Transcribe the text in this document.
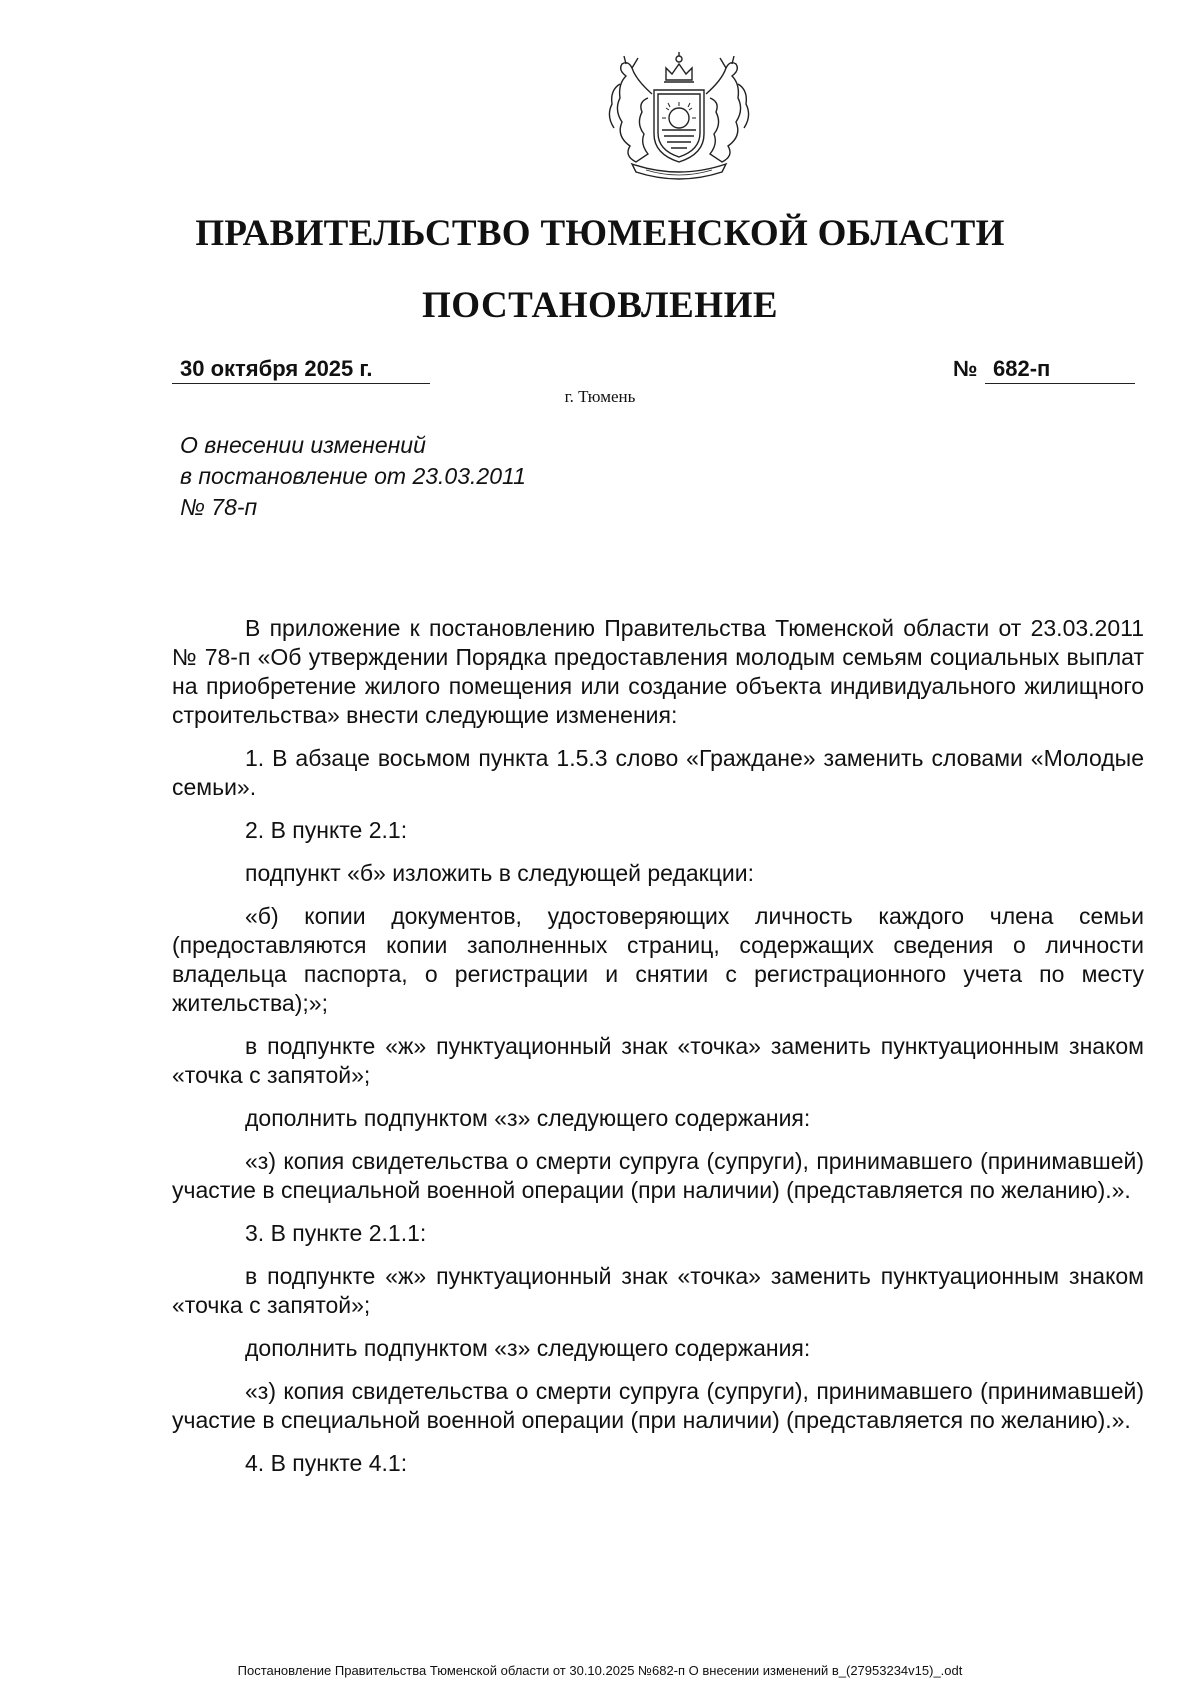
ПРАВИТЕЛЬСТВО ТЮМЕНСКОЙ ОБЛАСТИ
ПОСТАНОВЛЕНИЕ
30 октября 2025 г.	№ 682-п
г. Тюмень
О внесении изменений
в постановление от 23.03.2011
№ 78-п

В приложение к постановлению Правительства Тюменской области от 23.03.2011 № 78-п «Об утверждении Порядка предоставления молодым семьям социальных выплат на приобретение жилого помещения или создание объекта индивидуального жилищного строительства» внести следующие изменения:

1. В абзаце восьмом пункта 1.5.3 слово «Граждане» заменить словами «Молодые семьи».

2. В пункте 2.1:

подпункт «б» изложить в следующей редакции:

«б) копии документов, удостоверяющих личность каждого члена семьи (предоставляются копии заполненных страниц, содержащих сведения о личности владельца паспорта, о регистрации и снятии с регистрационного учета по месту жительства);»;

в подпункте «ж» пунктуационный знак «точка» заменить пунктуационным знаком «точка с запятой»;

дополнить подпунктом «з» следующего содержания:

«з) копия свидетельства о смерти супруга (супруги), принимавшего (принимавшей) участие в специальной военной операции (при наличии) (представляется по желанию).».

3. В пункте 2.1.1:

в подпункте «ж» пунктуационный знак «точка» заменить пунктуационным знаком «точка с запятой»;

дополнить подпунктом «з» следующего содержания:

«з) копия свидетельства о смерти супруга (супруги), принимавшего (принимавшей) участие в специальной военной операции (при наличии) (представляется по желанию).».

4. В пункте 4.1:

Постановление Правительства Тюменской области от 30.10.2025 №682-п О внесении изменений в_(27953234v15)_.odt
